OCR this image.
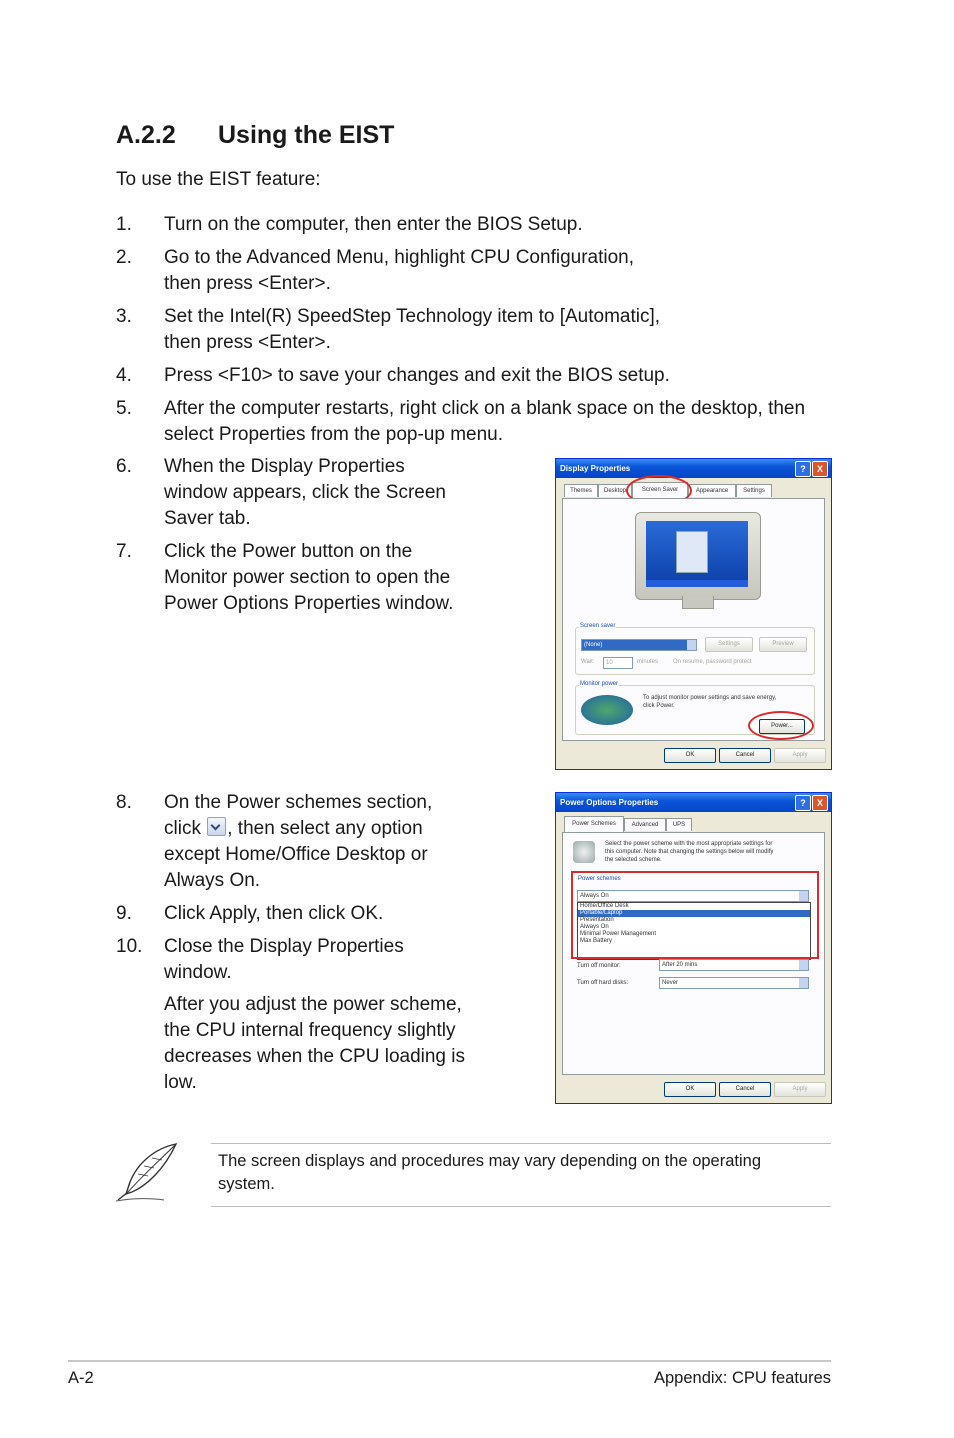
A.2.2 Using the EIST
To use the EIST feature:
1. Turn on the computer, then enter the BIOS Setup.
2. Go to the Advanced Menu, highlight CPU Configuration,
then press <Enter>.
3. Set the Intel(R) SpeedStep Technology item to [Automatic],
then press <Enter>.
4. Press <F10> to save your changes and exit the BIOS setup.
5. After the computer restarts, right click on a blank space on the desktop, then
select Properties from the pop-up menu.
6. When the Display Properties
window appears, click the Screen
Saver tab.
7. Click the Power button on the
Monitor power section to open the
Power Options Properties window.
Display Properties	?	X
Themes	Desktop	Screen Saver	Appearance	Settings
Screen saver
(None)	Settings	Preview
Wait:	10	minutes On resume, password protect
Monitor power
To adjust monitor power settings and save energy,
click Power.
Power...
OK	Cancel	Apply
8. On the Power schemes section,
click , then select any option
except Home/Office Desktop or
Always On.
9. Click Apply, then click OK.
10. Close the Display Properties
window.
After you adjust the power scheme,
the CPU internal frequency slightly
decreases when the CPU loading is
low.
Power Options Properties	?	X
Power Schemes	Advanced	UPS
Select the power scheme with the most appropriate settings for
this computer. Note that changing the settings below will modify
the selected scheme.
Power schemes
Always On
Home/Office Desk
Portable/Laptop
Presentation
Always On
Minimal Power Management
Max Battery
Turn off monitor:	After 20 mins
Turn off hard disks:	Never
OK	Cancel	Apply
The screen displays and procedures may vary depending on the operating
system.
A-2	Appendix: CPU features
